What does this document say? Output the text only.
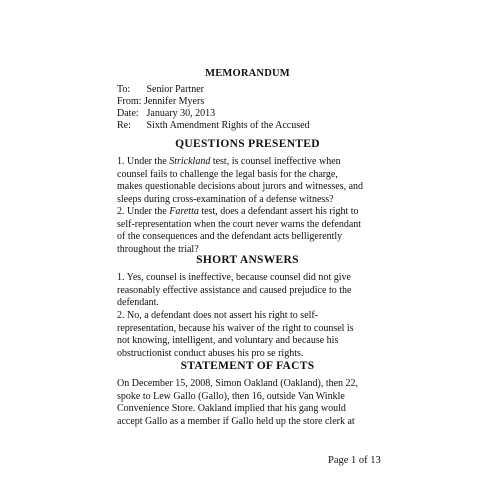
MEMORANDUM
To: Senior Partner
From: Jennifer Myers
Date: January 30, 2013
Re: Sixth Amendment Rights of the Accused
QUESTIONS PRESENTED
1. Under the Strickland test, is counsel ineffective when
counsel fails to challenge the legal basis for the charge,
makes questionable decisions about jurors and witnesses, and
sleeps during cross-examination of a defense witness?
2. Under the Faretta test, does a defendant assert his right to
self-representation when the court never warns the defendant
of the consequences and the defendant acts belligerently
throughout the trial?
SHORT ANSWERS
1. Yes, counsel is ineffective, because counsel did not give
reasonably effective assistance and caused prejudice to the
defendant.
2. No, a defendant does not assert his right to self-
representation, because his waiver of the right to counsel is
not knowing, intelligent, and voluntary and because his
obstructionist conduct abuses his pro se rights.
STATEMENT OF FACTS
On December 15, 2008, Simon Oakland (Oakland), then 22,
spoke to Lew Gallo (Gallo), then 16, outside Van Winkle
Convenience Store. Oakland implied that his gang would
accept Gallo as a member if Gallo held up the store clerk at
Page 1 of 13
